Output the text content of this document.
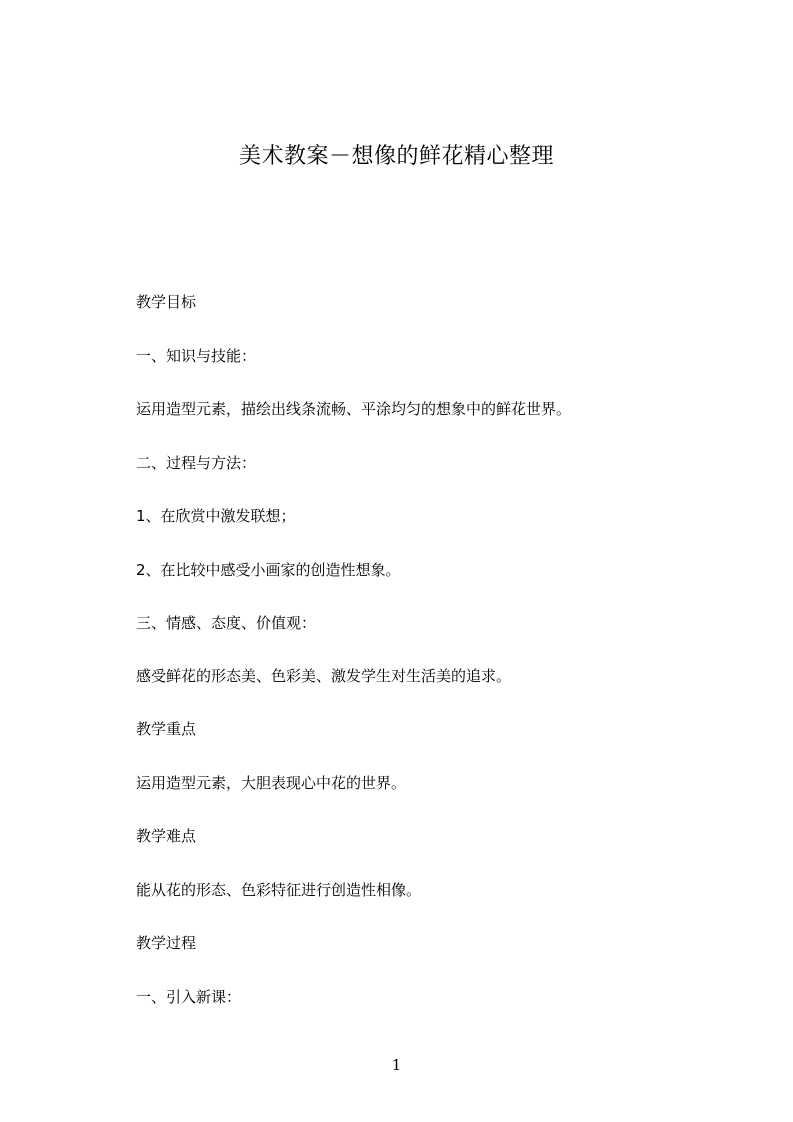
美术教案－想像的鲜花精心整理
教学目标
一、知识与技能：
运用造型元素，描绘出线条流畅、平涂均匀的想象中的鲜花世界。
二、过程与方法：
1、在欣赏中激发联想；
2、在比较中感受小画家的创造性想象。
三、情感、态度、价值观：
感受鲜花的形态美、色彩美、激发学生对生活美的追求。
教学重点
运用造型元素，大胆表现心中花的世界。
教学难点
能从花的形态、色彩特征进行创造性相像。
教学过程
一、引入新课：
1
